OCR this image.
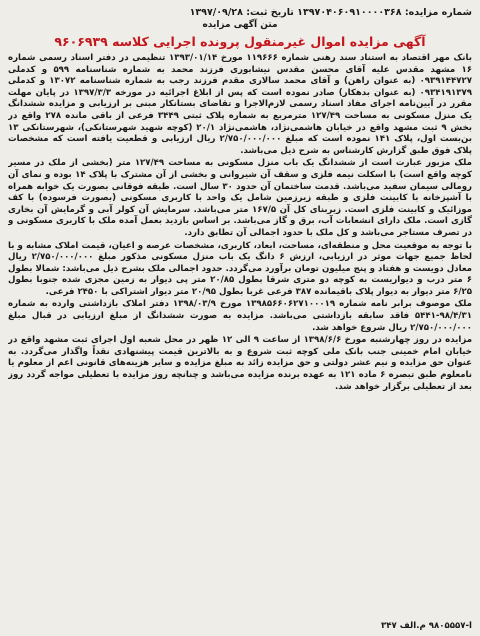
شماره مزایده: ۱۳۹۷۰۴۰۶۰۹۱۰۰۰۰۳۶۸ تاریخ ثبت: ۱۳۹۷/۰۹/۲۸
متن آگهی مزایده
آگهی مزایده اموال غیرمنقول پرونده اجرایی کلاسه ۹۶۰۶۹۳۹

بانک مهر اقتصاد به استناد سند رهنی شماره ۱۱۹۶۶۶ مورخ ۱۳۹۳/۰۱/۱۴ تنظیمی در دفتر اسناد رسمی شماره ۱۶ مشهد مقدس علیه آقای محسن مقدس نیشابوری فرزند محمد به شماره شناسنامه ۵۹۹ و کدملی ۰۹۳۹۱۴۴۷۲۷ (به عنوان راهن) و آقای محمد سالاری مقدم فرزند رجب به شماره شناسنامه ۱۳۰۷۲ و کدملی ۰۹۳۴۱۹۱۳۷۹ (به عنوان بدهکار) صادر نموده است که پس از ابلاغ اجرائیه در مورخه ۱۳۹۷/۳/۳ در پایان مهلت مقرر در آیین‌نامه اجرای مفاد اسناد رسمی لازم‌الاجرا و تقاضای بستانکار مبنی بر ارزیابی و مزایده ششدانگ یک منزل مسکونی به مساحت ۱۲۷/۴۹ مترمربع به شماره پلاک ثبتی ۳۴۴۹ فرعی از باقی مانده ۲۷۸ واقع در بخش ۹ ثبت مشهد واقع در خیابان هاشمی‌نژاد، هاشمی‌نژاد ۲۰/۱ (کوچه شهید شهرستانکی)، شهرستانکی ۱۳ بن‌بست اول، پلاک ۱۴۱ نموده است که مبلغ ۲/۷۵۰/۰۰۰/۰۰۰ ریال ارزیابی و قطعیت یافته است که مشخصات پلاک فوق طبق گزارش کارشناس به شرح ذیل می‌باشد.

ملک مزبور عبارت است از ششدانگ یک باب منزل مسکونی به مساحت ۱۲۷/۴۹ متر (بخشی از ملک در مسیر کوچه واقع است) با اسکلت نیمه فلزی و سقف آن شیروانی و بخشی از آن مشترک با پلاک ۱۴ بوده و نمای آن رومالی سیمان سفید می‌باشد. قدمت ساختمان آن حدود ۳۰ سال است. طبقه فوقانی بصورت یک خوابه همراه با آشپزخانه با کابینت فلزی و طبقه زیرزمین شامل یک واحد با کاربری مسکونی (بصورت فرسوده) با کف موزائیک و کابینت فلزی است. زیربنای کل آن ۱۶۷/۵ متر می‌باشد. سرمایش آن کولر آبی و گرمایش آن بخاری گازی است. ملک دارای انشعابات آب، برق و گاز می‌باشد. بر اساس بازدید بعمل آمده ملک با کاربری مسکونی و در تصرف مستاجر می‌باشد و کل ملک با حدود اجمالی آن تطابق دارد.

با توجه به موقعیت محل و منطقه‌ای، مساحت، ابعاد، کاربری، مشخصات عرصه و اعیان، قیمت املاک مشابه و با لحاظ جمیع جهات موثر در ارزیابی، ارزش ۶ دانگ یک باب منزل مسکونی مذکور مبلغ ۲/۷۵۰/۰۰۰/۰۰۰ ریال معادل دویست و هفتاد و پنج میلیون تومان برآورد می‌گردد. حدود اجمالی ملک بشرح ذیل می‌باشد: شمالا بطول ۶ متر درب و دیواریست به کوچه دو متری شرقا بطول ۲۰/۸۵ متر پی دیوار به زمین مجزی شده جنوبا بطول ۶/۲۵ متر دیوار به دیوار پلاک باقیمانده ۳۸۷ فرعی غربا بطول ۲۰/۹۵ متر دیوار اشتراکی با ۲۴۵۰ فرعی.

ملک موصوف برابر نامه شماره ۱۳۹۸۵۶۶۰۶۲۷۱۰۰۰۱۹ مورخ ۱۳۹۸/۰۳/۹ دفتر املاک بازداشتی وارده به شماره ۹۸/۴/۳۱-۵۴۴۱ فاقد سابقه بازداشتی می‌باشد. مزایده به صورت ششدانگ از مبلغ ارزیابی در قبال مبلغ ۲/۷۵۰/۰۰۰/۰۰۰ ریال شروع خواهد شد.

مزایده در روز چهارشنبه مورخ ۱۳۹۸/۶/۶ از ساعت ۹ الی ۱۲ ظهر در محل شعبه اول اجرای ثبت مشهد واقع در خیابان امام خمینی جنب بانک ملی کوچه ثبت شروع و به بالاترین قیمت پیشنهادی نقداً واگذار می‌گردد. به عنوان حق مزایده و نیم عشر دولتی و حق مزایده زائد به مبلغ مزایده و سایر هزینه‌های قانونی اعم از معلوم یا نامعلوم طبق تبصره ۶ ماده ۱۲۱ به عهده برنده مزایده می‌باشد و چنانچه روز مزایده با تعطیلی مواجه گردد روز بعد از تعطیلی برگزار خواهد شد.

آ-۹۸۰۵۵۵۷ م.الف ۳۴۷
